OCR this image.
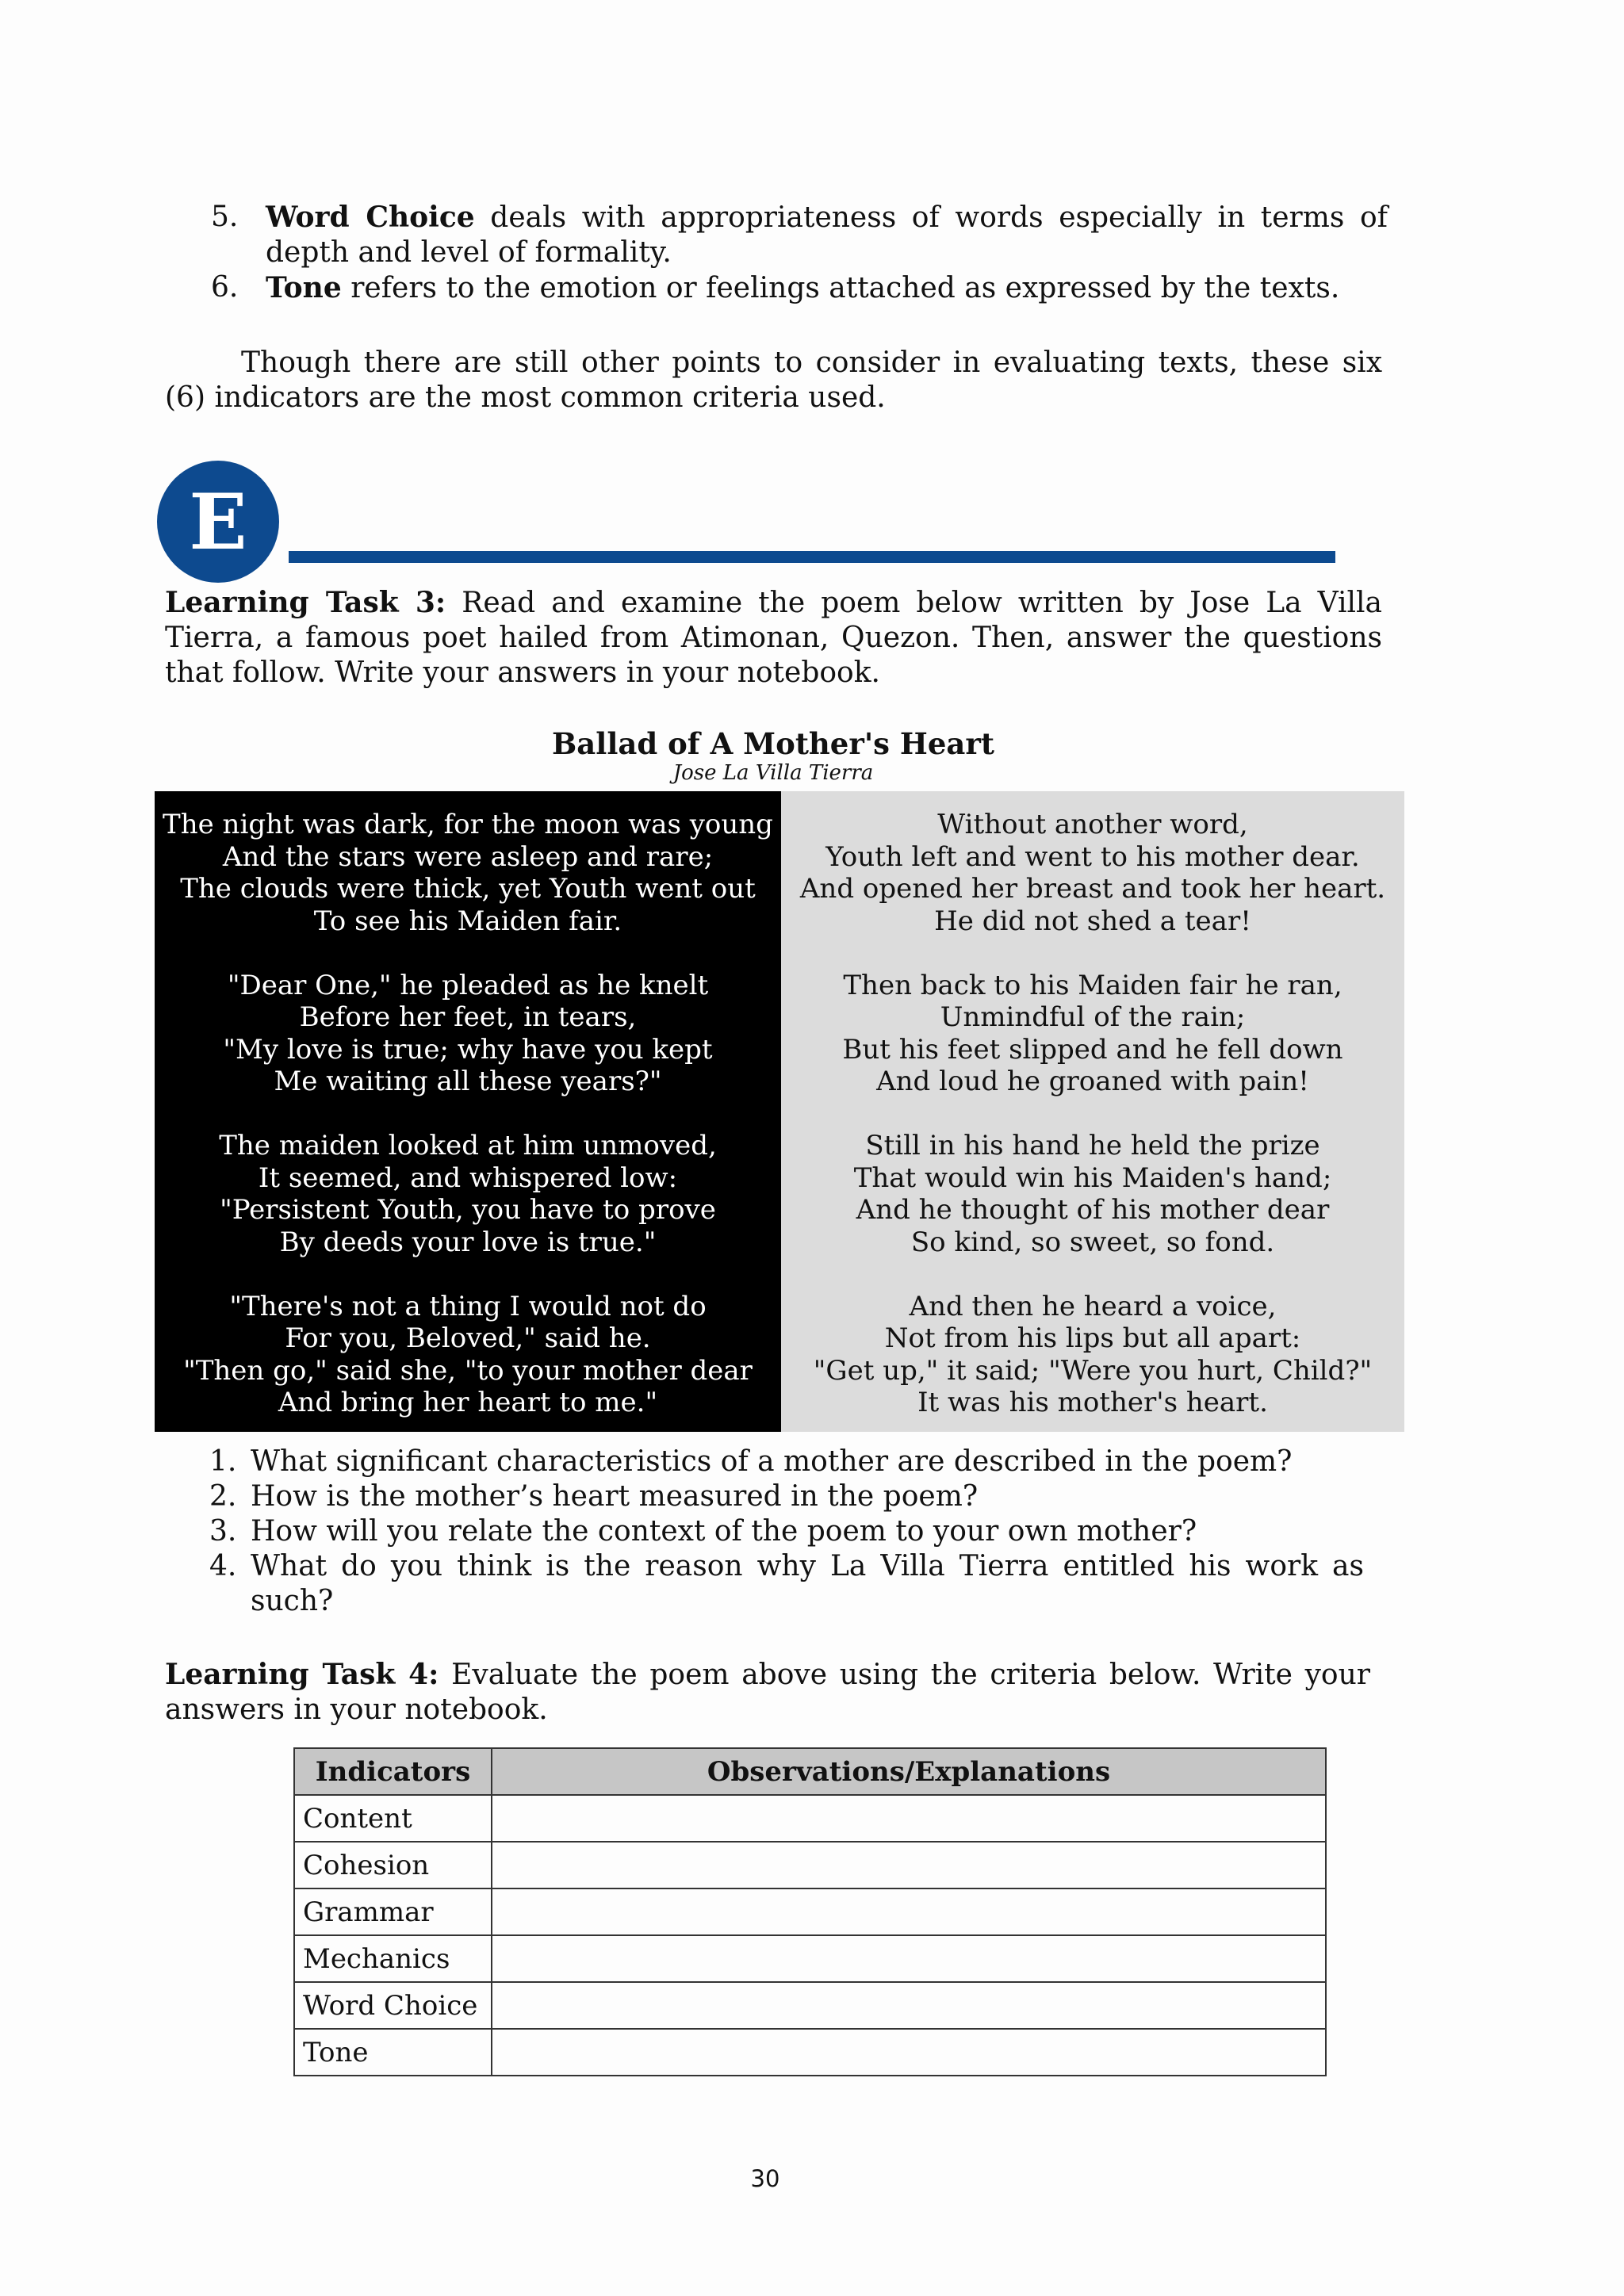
5. Word Choice deals with appropriateness of words especially in terms of depth and level of formality.
6. Tone refers to the emotion or feelings attached as expressed by the texts.

Though there are still other points to consider in evaluating texts, these six (6) indicators are the most common criteria used.

E

Learning Task 3: Read and examine the poem below written by Jose La Villa Tierra, a famous poet hailed from Atimonan, Quezon. Then, answer the questions that follow. Write your answers in your notebook.

Ballad of A Mother's Heart
Jose La Villa Tierra
The night was dark, for the moon was young
And the stars were asleep and rare;
The clouds were thick, yet Youth went out
To see his Maiden fair.
"Dear One," he pleaded as he knelt
Before her feet, in tears,
"My love is true; why have you kept
Me waiting all these years?"
The maiden looked at him unmoved,
It seemed, and whispered low:
"Persistent Youth, you have to prove
By deeds your love is true."
"There's not a thing I would not do
For you, Beloved," said he.
"Then go," said she, "to your mother dear
And bring her heart to me."
Without another word,
Youth left and went to his mother dear.
And opened her breast and took her heart.
He did not shed a tear!
Then back to his Maiden fair he ran,
Unmindful of the rain;
But his feet slipped and he fell down
And loud he groaned with pain!
Still in his hand he held the prize
That would win his Maiden's hand;
And he thought of his mother dear
So kind, so sweet, so fond.
And then he heard a voice,
Not from his lips but all apart:
"Get up," it said; "Were you hurt, Child?"
It was his mother's heart.
1. What significant characteristics of a mother are described in the poem?
2. How is the mother’s heart measured in the poem?
3. How will you relate the context of the poem to your own mother?
4. What do you think is the reason why La Villa Tierra entitled his work as such?

Learning Task 4: Evaluate the poem above using the criteria below. Write your answers in your notebook.

Indicators	Observations/Explanations
Content	
Cohesion	
Grammar	
Mechanics	
Word Choice	
Tone	
30
